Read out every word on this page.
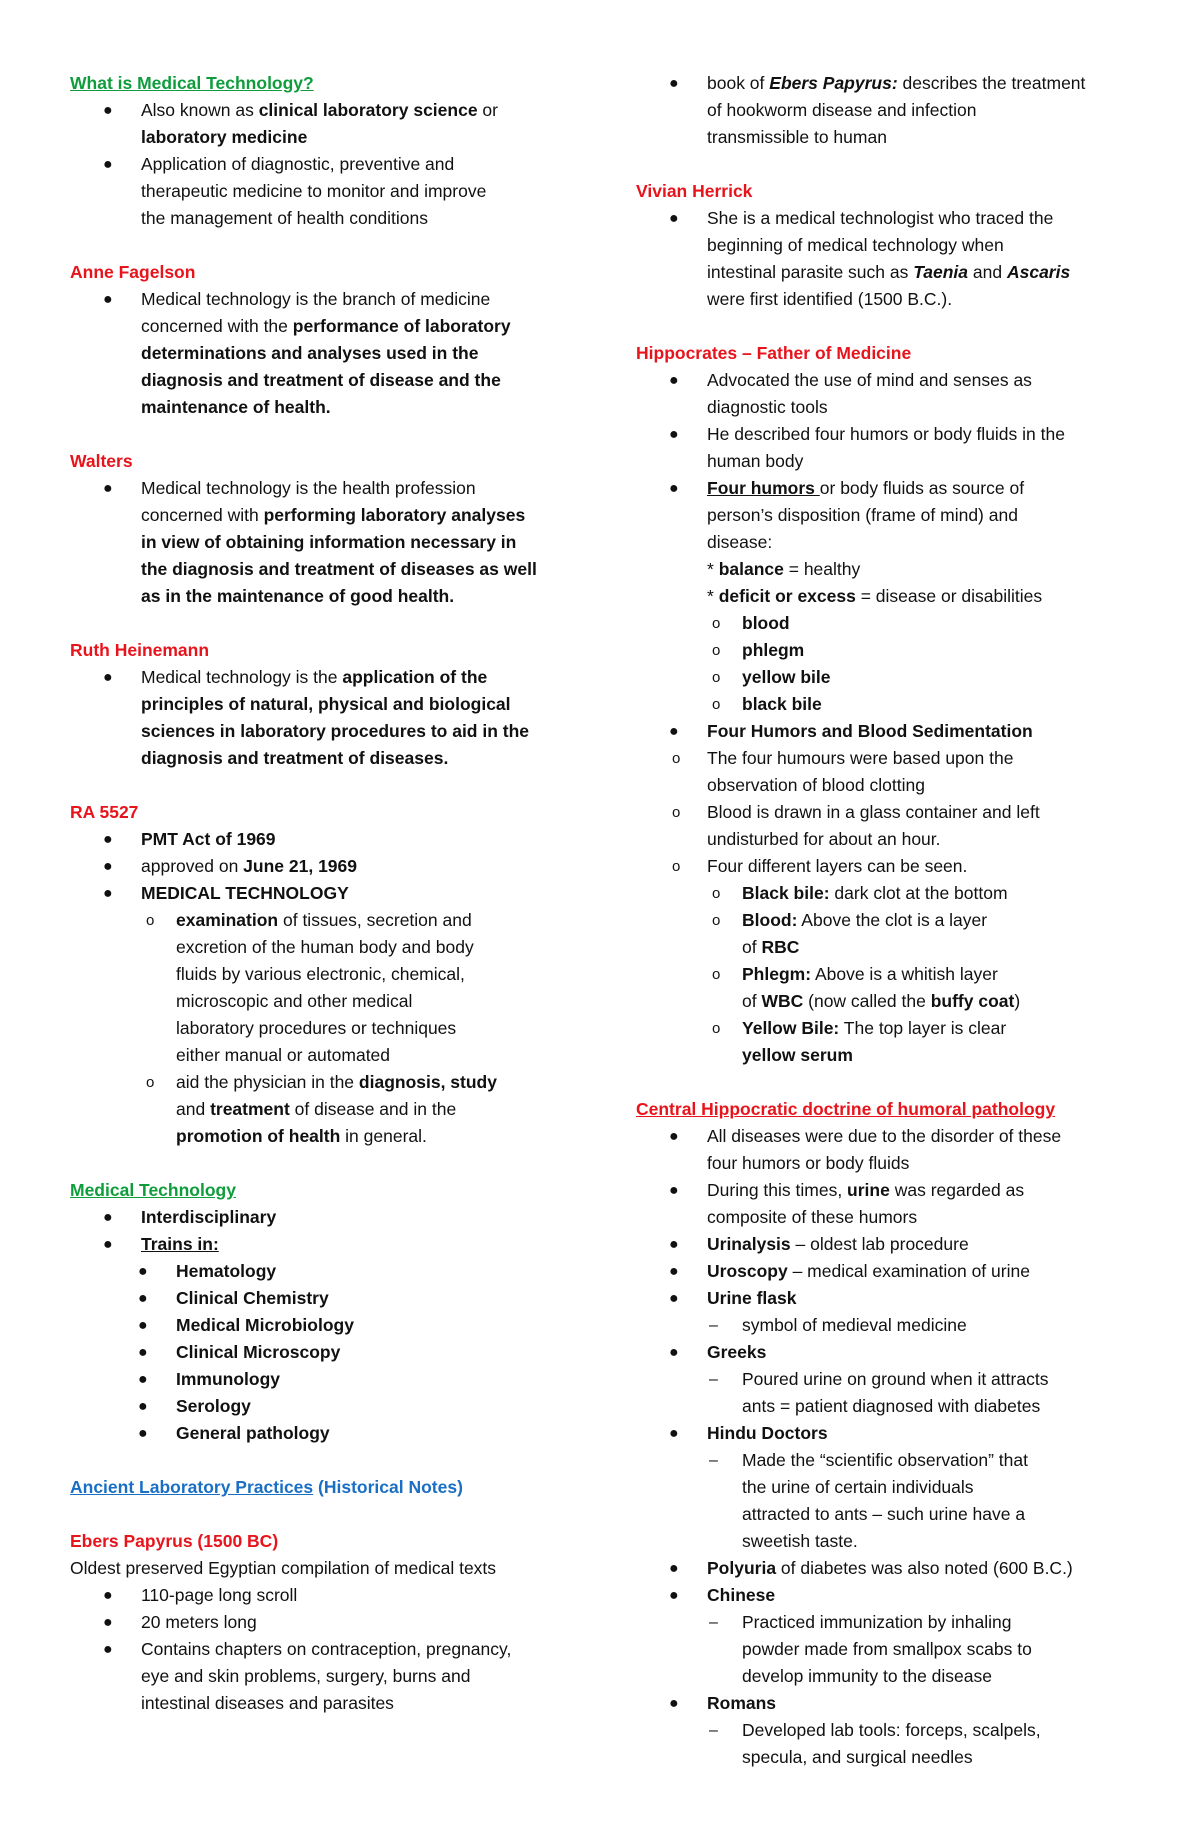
What is Medical Technology?
● Also known as clinical laboratory science or
laboratory medicine
● Application of diagnostic, preventive and
therapeutic medicine to monitor and improve
the management of health conditions
Anne Fagelson
● Medical technology is the branch of medicine
concerned with the performance of laboratory
determinations and analyses used in the
diagnosis and treatment of disease and the
maintenance of health.
Walters
● Medical technology is the health profession
concerned with performing laboratory analyses
in view of obtaining information necessary in
the diagnosis and treatment of diseases as well
as in the maintenance of good health.
Ruth Heinemann
● Medical technology is the application of the
principles of natural, physical and biological
sciences in laboratory procedures to aid in the
diagnosis and treatment of diseases.
RA 5527
● PMT Act of 1969
● approved on June 21, 1969
● MEDICAL TECHNOLOGY
o examination of tissues, secretion and
excretion of the human body and body
fluids by various electronic, chemical,
microscopic and other medical
laboratory procedures or techniques
either manual or automated
o aid the physician in the diagnosis, study
and treatment of disease and in the
promotion of health in general.
Medical Technology
● Interdisciplinary
● Trains in:
● Hematology
● Clinical Chemistry
● Medical Microbiology
● Clinical Microscopy
● Immunology
● Serology
● General pathology
Ancient Laboratory Practices (Historical Notes)
Ebers Papyrus (1500 BC)
Oldest preserved Egyptian compilation of medical texts
● 110-page long scroll
● 20 meters long
● Contains chapters on contraception, pregnancy,
eye and skin problems, surgery, burns and
intestinal diseases and parasites
● book of Ebers Papyrus: describes the treatment
of hookworm disease and infection
transmissible to human
Vivian Herrick
● She is a medical technologist who traced the
beginning of medical technology when
intestinal parasite such as Taenia and Ascaris
were first identified (1500 B.C.).
Hippocrates – Father of Medicine
● Advocated the use of mind and senses as
diagnostic tools
● He described four humors or body fluids in the
human body
● Four humors or body fluids as source of
person’s disposition (frame of mind) and
disease:
* balance = healthy
* deficit or excess = disease or disabilities
o blood
o phlegm
o yellow bile
o black bile
● Four Humors and Blood Sedimentation
o The four humours were based upon the
observation of blood clotting
o Blood is drawn in a glass container and left
undisturbed for about an hour.
o Four different layers can be seen.
o Black bile: dark clot at the bottom
o Blood: Above the clot is a layer
of RBC
o Phlegm: Above is a whitish layer
of WBC (now called the buffy coat)
o Yellow Bile: The top layer is clear
yellow serum
Central Hippocratic doctrine of humoral pathology
● All diseases were due to the disorder of these
four humors or body fluids
● During this times, urine was regarded as
composite of these humors
● Urinalysis – oldest lab procedure
● Uroscopy – medical examination of urine
● Urine flask
– symbol of medieval medicine
● Greeks
– Poured urine on ground when it attracts
ants = patient diagnosed with diabetes
● Hindu Doctors
– Made the “scientific observation” that
the urine of certain individuals
attracted to ants – such urine have a
sweetish taste.
● Polyuria of diabetes was also noted (600 B.C.)
● Chinese
– Practiced immunization by inhaling
powder made from smallpox scabs to
develop immunity to the disease
● Romans
– Developed lab tools: forceps, scalpels,
specula, and surgical needles
